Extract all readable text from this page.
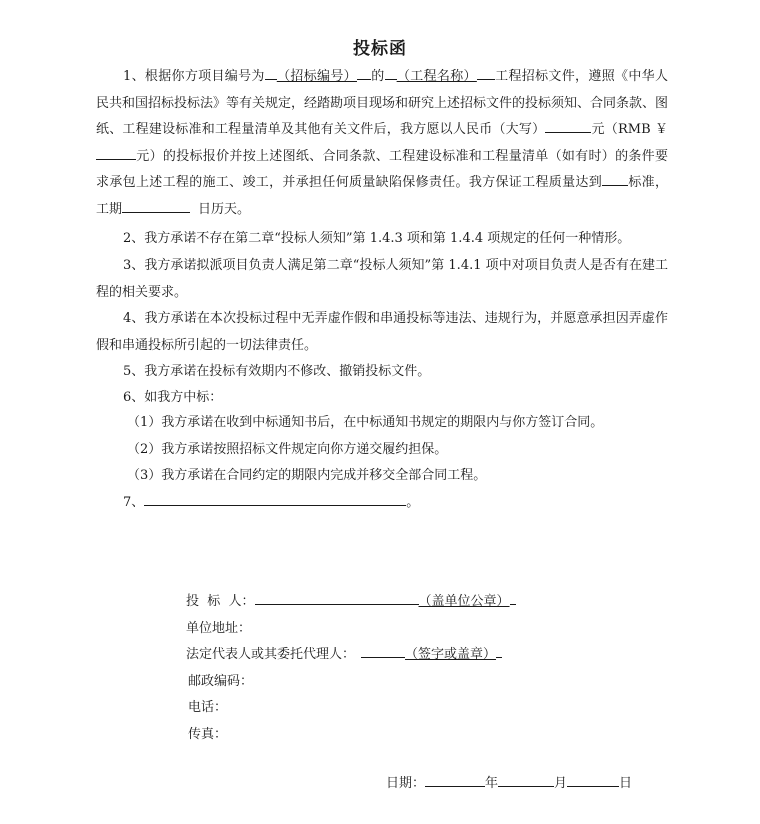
投标函
1、根据你方项目编号为 （招标编号） 的 （工程名称） 工程招标文件，遵照《中华人民共和国招标投标法》等有关规定，经踏勘项目现场和研究上述招标文件的投标须知、合同条款、图纸、工程建设标准和工程量清单及其他有关文件后，我方愿以人民币（大写）	元（RMB ￥元）的投标报价并按上述图纸、合同条款、工程建设标准和工程量清单（如有时）的条件要求承包上述工程的施工、竣工，并承担任何质量缺陷保修责任。我方保证工程质量达到 标准，工期	日历天。
2、我方承诺不存在第二章“投标人须知”第 1.4.3 项和第 1.4.4 项规定的任何一种情形。
3、我方承诺拟派项目负责人满足第二章“投标人须知”第 1.4.1 项中对项目负责人是否有在建工程的相关要求。
4、我方承诺在本次投标过程中无弄虚作假和串通投标等违法、违规行为，并愿意承担因弄虚作假和串通投标所引起的一切法律责任。
5、我方承诺在投标有效期内不修改、撤销投标文件。
6、如我方中标：
（1）我方承诺在收到中标通知书后，在中标通知书规定的期限内与你方签订合同。
（2）我方承诺按照招标文件规定向你方递交履约担保。
（3）我方承诺在合同约定的期限内完成并移交全部合同工程。
7、	。
投  标  人：	（盖单位公章）
单位地址：
法定代表人或其委托代理人：	（签字或盖章）
邮政编码：
电话：
传真：
日期：	年	月	日
